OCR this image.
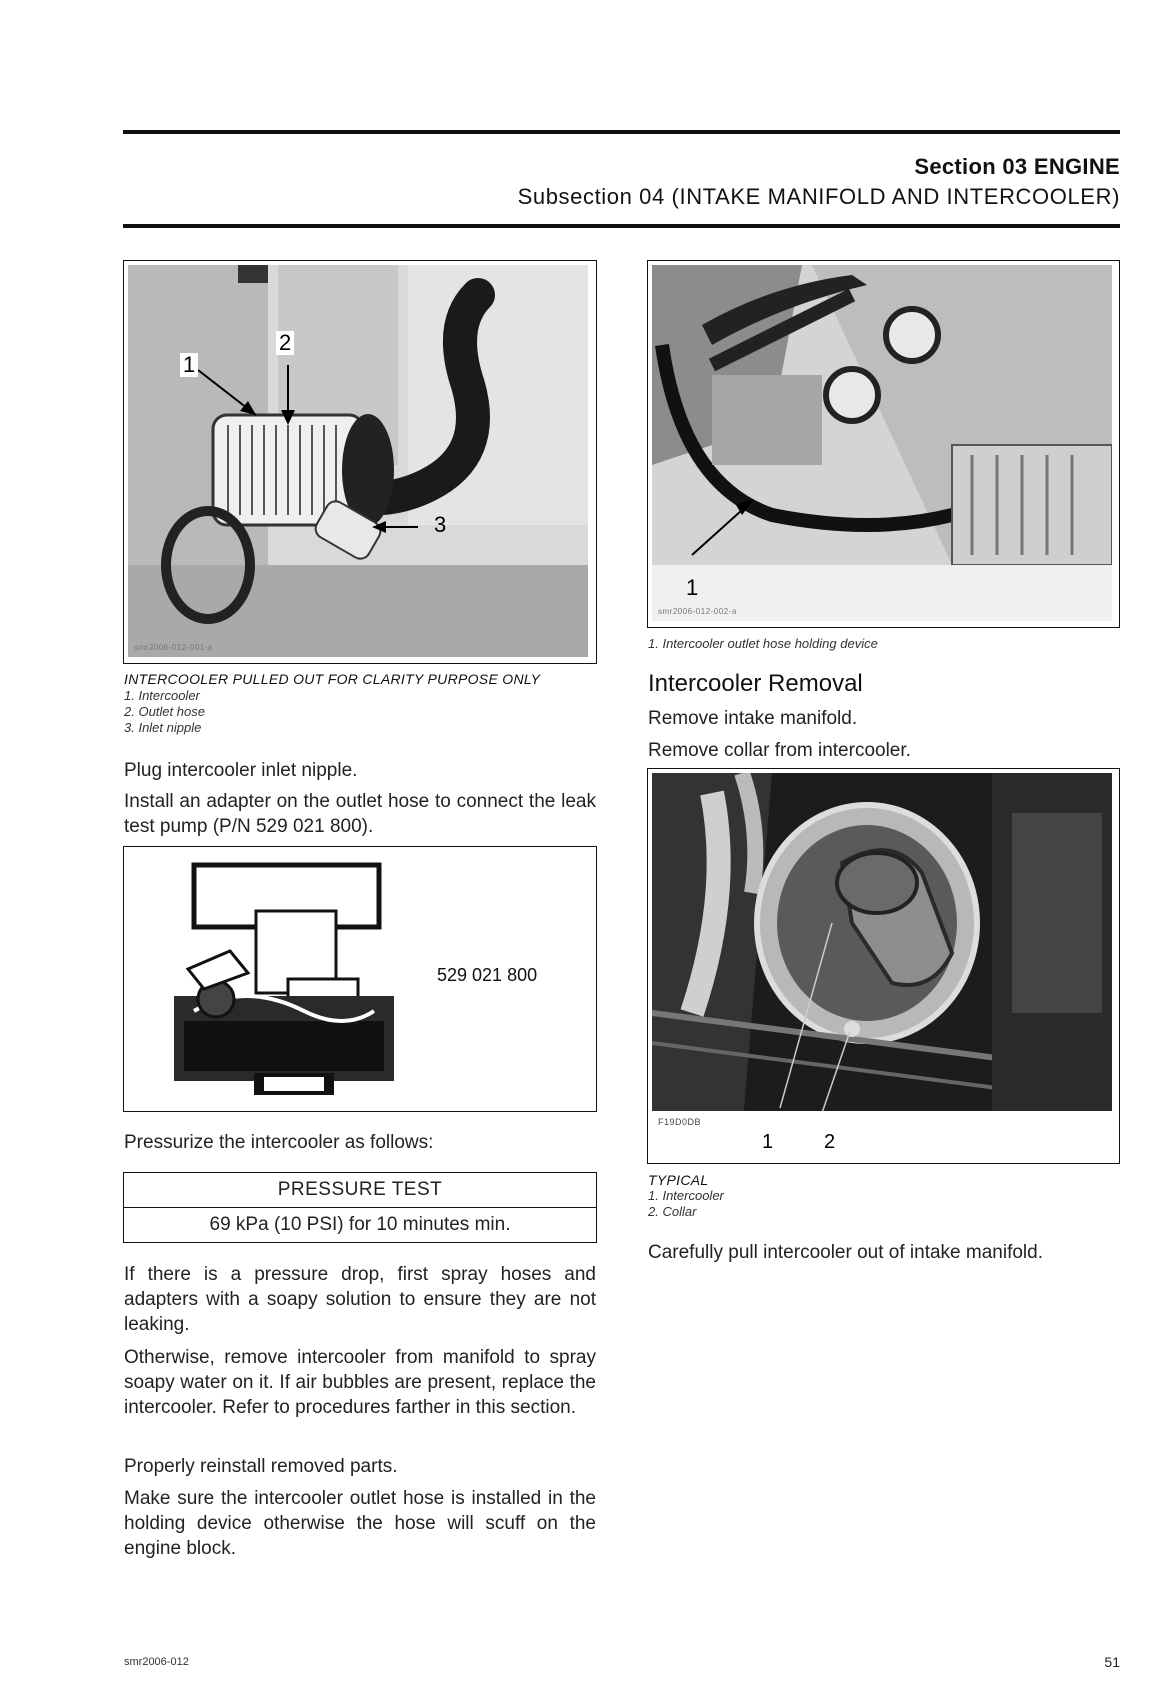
Section 03 ENGINE
Subsection 04 (INTAKE MANIFOLD AND INTERCOOLER)
1
2
3
smr2006-012-001-a
INTERCOOLER PULLED OUT FOR CLARITY PURPOSE ONLY
1. Intercooler
2. Outlet hose
3. Inlet nipple
Plug intercooler inlet nipple.
Install an adapter on the outlet hose to connect the leak test pump (P/N 529 021 800).
529 021 800
Pressurize the intercooler as follows:
PRESSURE TEST
69 kPa (10 PSI) for 10 minutes min.
If there is a pressure drop, first spray hoses and adapters with a soapy solution to ensure they are not leaking.
Otherwise, remove intercooler from manifold to spray soapy water on it. If air bubbles are present, replace the intercooler. Refer to procedures farther in this section.
Properly reinstall removed parts.
Make sure the intercooler outlet hose is installed in the holding device otherwise the hose will scuff on the engine block.
1
smr2006-012-002-a
1. Intercooler outlet hose holding device
Intercooler Removal
Remove intake manifold.
Remove collar from intercooler.
F19D0DB
1	2
TYPICAL
1. Intercooler
2. Collar
Carefully pull intercooler out of intake manifold.
smr2006-012	51
